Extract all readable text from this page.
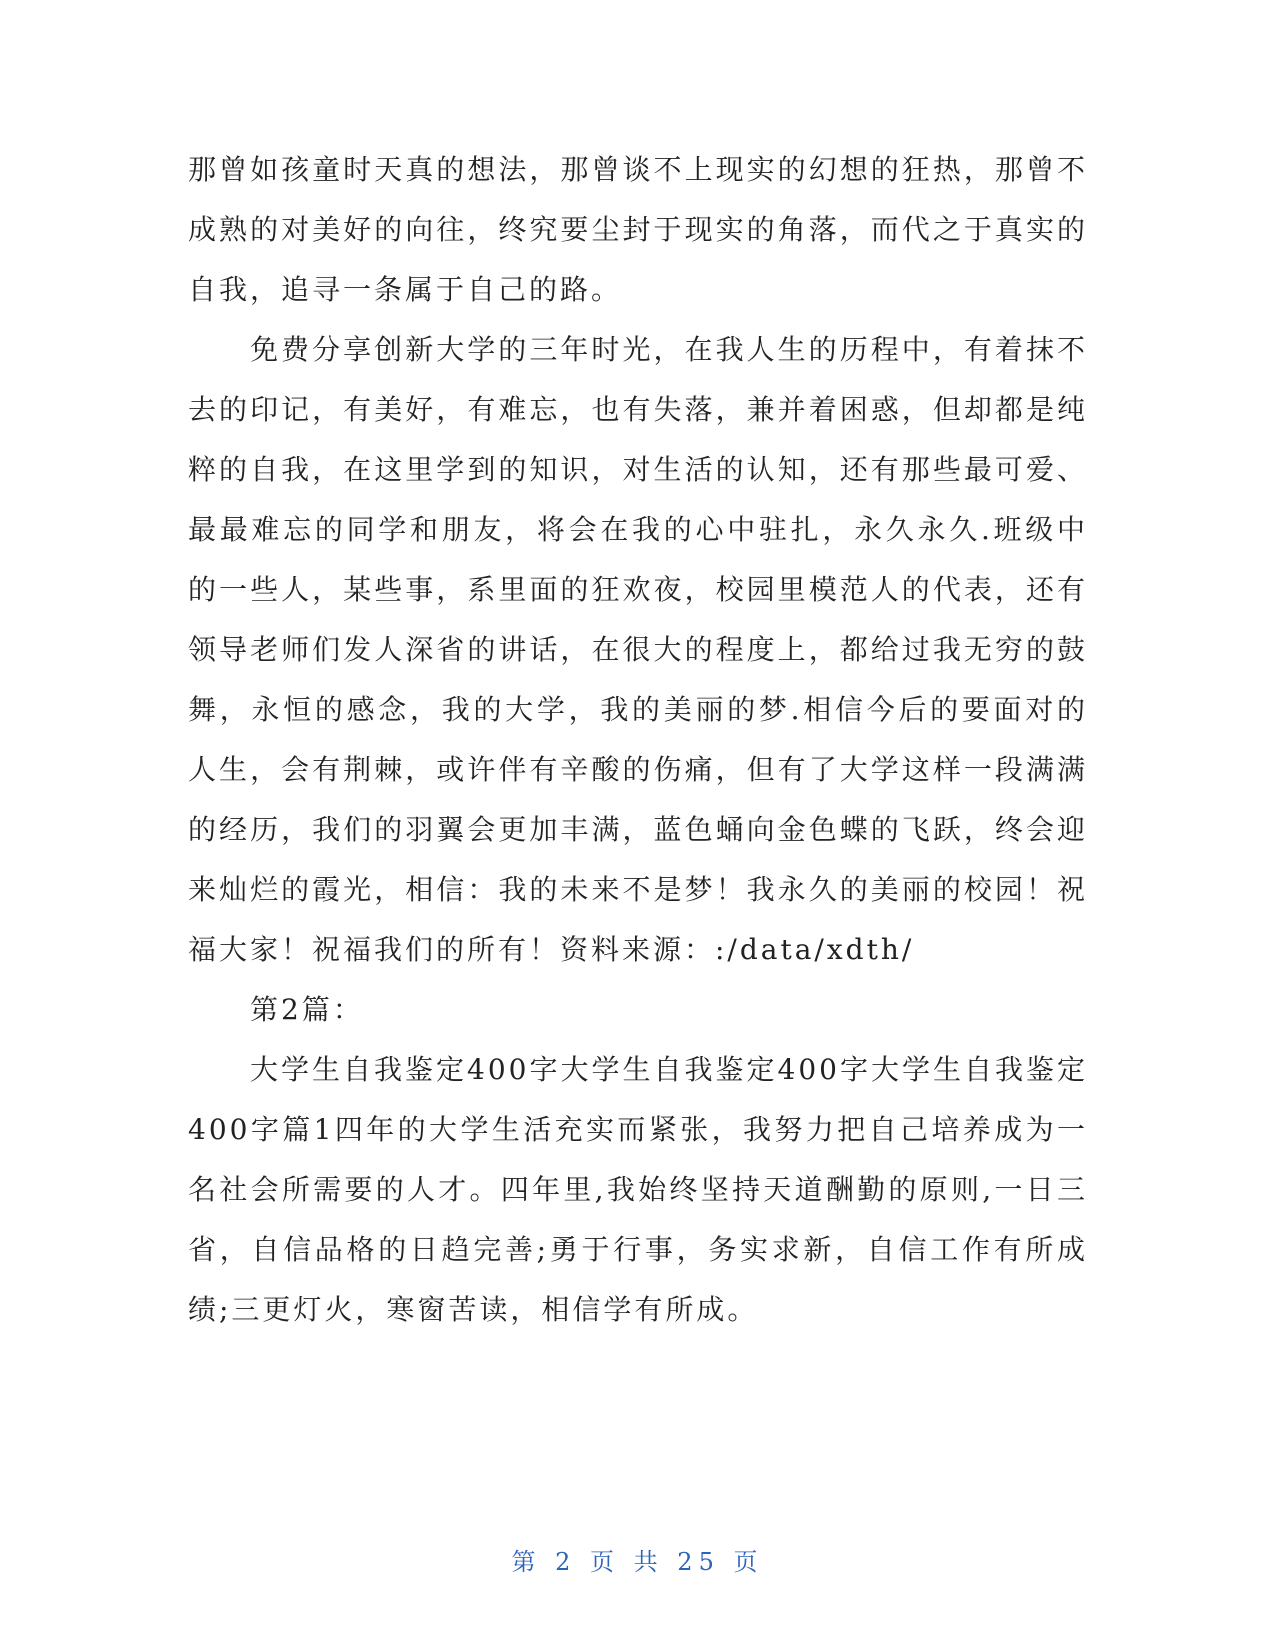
那曾如孩童时天真的想法，那曾谈不上现实的幻想的狂热，那曾不成熟的对美好的向往，终究要尘封于现实的角落，而代之于真实的自我，追寻一条属于自己的路。

免费分享创新大学的三年时光，在我人生的历程中，有着抹不去的印记，有美好，有难忘，也有失落，兼并着困惑，但却都是纯粹的自我，在这里学到的知识，对生活的认知，还有那些最可爱、最最难忘的同学和朋友，将会在我的心中驻扎，永久永久.班级中的一些人，某些事，系里面的狂欢夜，校园里模范人的代表，还有领导老师们发人深省的讲话，在很大的程度上，都给过我无穷的鼓舞，永恒的感念，我的大学，我的美丽的梦.相信今后的要面对的人生，会有荆棘，或许伴有辛酸的伤痛，但有了大学这样一段满满的经历，我们的羽翼会更加丰满，蓝色蛹向金色蝶的飞跃，终会迎来灿烂的霞光，相信：我的未来不是梦！我永久的美丽的校园！祝福大家！祝福我们的所有！资料来源：:/data/xdth/

第2篇：

大学生自我鉴定400字大学生自我鉴定400字大学生自我鉴定400字篇1四年的大学生活充实而紧张，我努力把自己培养成为一名社会所需要的人才。四年里,我始终坚持天道酬勤的原则,一日三省，自信品格的日趋完善;勇于行事，务实求新，自信工作有所成绩;三更灯火，寒窗苦读，相信学有所成。

第 2 页 共 25 页
